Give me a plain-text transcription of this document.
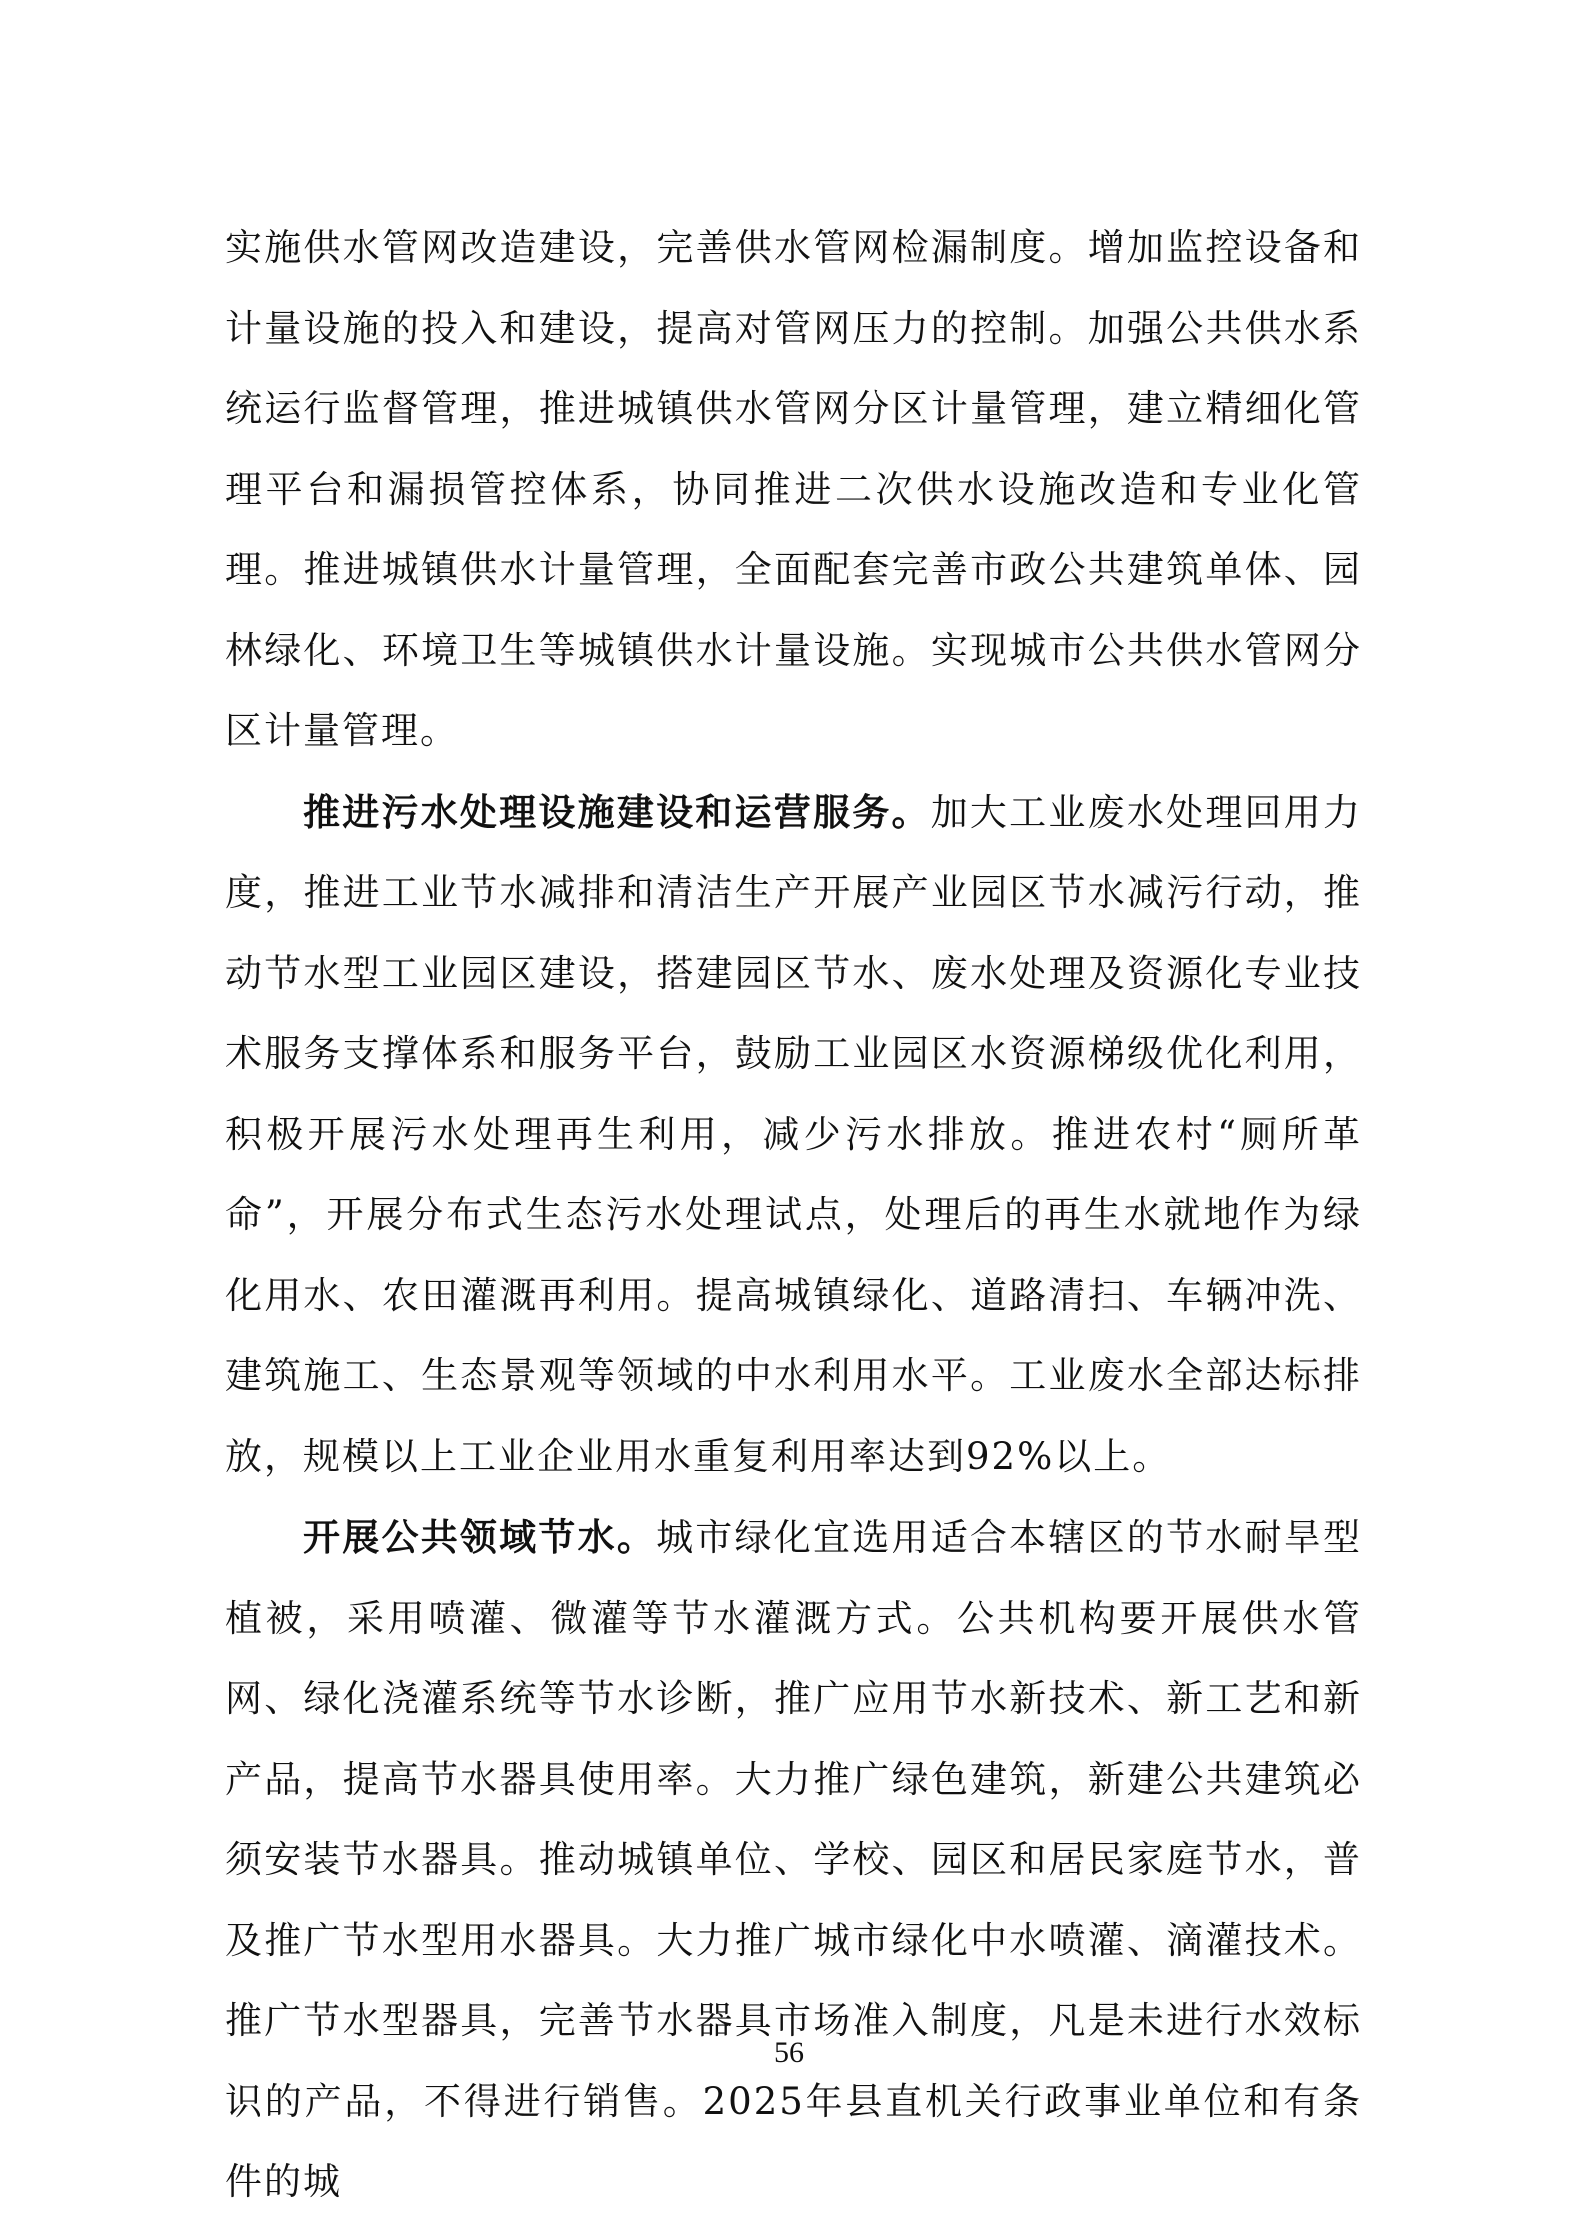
实施供水管网改造建设，完善供水管网检漏制度。增加监控设备和计量设施的投入和建设，提高对管网压力的控制。加强公共供水系统运行监督管理，推进城镇供水管网分区计量管理，建立精细化管理平台和漏损管控体系，协同推进二次供水设施改造和专业化管理。推进城镇供水计量管理，全面配套完善市政公共建筑单体、园林绿化、环境卫生等城镇供水计量设施。实现城市公共供水管网分区计量管理。

推进污水处理设施建设和运营服务。加大工业废水处理回用力度，推进工业节水减排和清洁生产开展产业园区节水减污行动，推动节水型工业园区建设，搭建园区节水、废水处理及资源化专业技术服务支撑体系和服务平台，鼓励工业园区水资源梯级优化利用，积极开展污水处理再生利用，减少污水排放。推进农村“厕所革命”，开展分布式生态污水处理试点，处理后的再生水就地作为绿化用水、农田灌溉再利用。提高城镇绿化、道路清扫、车辆冲洗、建筑施工、生态景观等领域的中水利用水平。工业废水全部达标排放，规模以上工业企业用水重复利用率达到92%以上。

开展公共领域节水。城市绿化宜选用适合本辖区的节水耐旱型植被，采用喷灌、微灌等节水灌溉方式。公共机构要开展供水管网、绿化浇灌系统等节水诊断，推广应用节水新技术、新工艺和新产品，提高节水器具使用率。大力推广绿色建筑，新建公共建筑必须安装节水器具。推动城镇单位、学校、园区和居民家庭节水，普及推广节水型用水器具。大力推广城市绿化中水喷灌、滴灌技术。推广节水型器具，完善节水器具市场准入制度，凡是未进行水效标识的产品，不得进行销售。2025年县直机关行政事业单位和有条件的城

56
